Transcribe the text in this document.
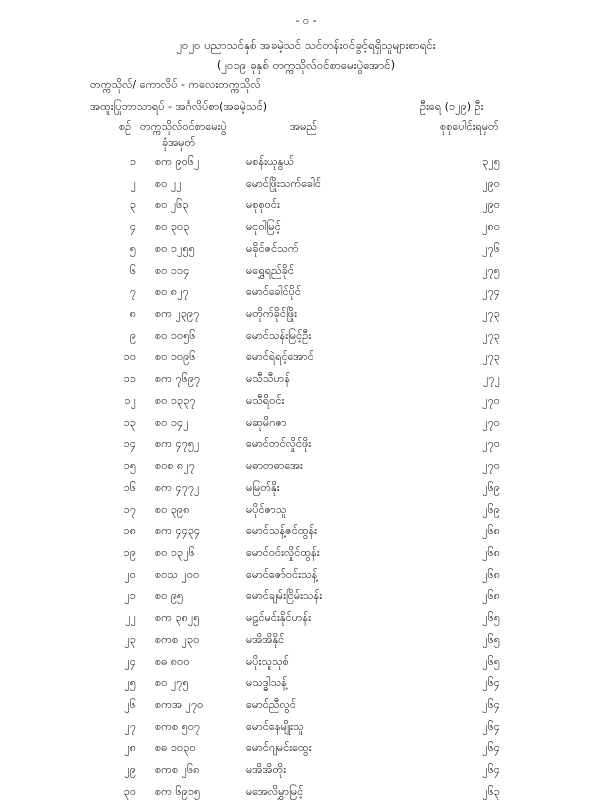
- ၀ -
၂၀၂၀ ပညာသင်နှစ် အခမဲ့သင် သင်တန်းဝင်ခွင့်ရရှိသူများစာရင်း
(၂၀၁၉ ခုနှစ် တက္ကသိုလ်ဝင်စာမေးပွဲအောင်)
တက္ကသိုလ်/ ကောလိပ် - ကလေးတက္ကသိုလ်
အထူးပြုဘာသာရပ် - အင်္ဂလိပ်စာ(အခမဲ့သင်)	ဦးရေ (၁၂၉) ဦး
စဉ် တက္ကသိုလ်ဝင်စာမေးပွဲ
ခုံအမှတ်
အမည်	စုစုပေါင်းရမှတ်
၁ စက ၉၀၆၂	မစန်းယုနွယ်	၃၂၅
၂ စဝ ၂၂	မောင်ဖြိုးသက်ခေါင်	၂၉၀
၃ စဝ ၂၆၃	မစုစုဝင်း	၂၉၀
၄ စဝ ၃၀၃	မငုဝါမြင့်	၂၈၀
၅ စဝ ၁၂၅၅	မခိုင်ဇင်သက်	၂၇၆
၆ စဝ ၁၁၄	မရွှေရည်ခိုင်	၂၇၅
၇ စဝ ၈၂၇	မောင်ခေါင်ပိုင်	၂၇၄
၈ စက ၂၃၉၇	မတိုက်ခိုင်ဖြိုး	၂၇၃
၉ စဝ ၁၀၅၆	မောင်သန်းမြင့်ဦး	၂၇၃
၁၀ စဝ ၁၀၉၆	မောင်ရဲရင့်အောင်	၂၇၃
၁၁ စက ၇၆၉၇	မသီသီဟန်	၂၇၂
၁၂ စဝ ၁၃၃၇	မသီရိဝင်း	၂၇၀
၁၃ စဝ ၁၄၂	မဆုမိဂဇာ	၂၇၀
၁၄ စက ၄၇၅၂	မောင်တင်လှိုင်ဖိုး	၂၇၀
၁၅ စဝစ ၈၂၇	မဓာတဓာအေး	၂၇၀
၁၆ စက ၄၇၇၂	မမြတ်နိုး	၂၆၉
၁၇ စဝ ၃၉၈	မပိုင်ဇာသူ	၂၆၉
၁၈ စက ၄၄၃၄	မောင်သန့်ဇင်ထွန်း	၂၆၈
၁၉ စဝ ၁၃၂၆	မောင်ဝင်းလှိုင်ထွန်း	၂၆၈
၂၀ စဝသ ၂၀၀	မောင်ဇော်ဝင်းသန့်	၂၆၈
၂၁ စဝ ၉၅	မောင်ချမ်းငြိမ်းသန်း	၂၆၈
၂၂ စက ၃၈၂၅	မဠင်မင်းနိုင်ဟန်း	၂၆၅
၂၃ စကစ ၂၃၀	မအိအိနိုင်	၂၆၅
၂၄ စဓ ၈၀၀	မပိုးသူသုစ်	၂၆၅
၂၅ စဝ ၂၇၅	မသဒ္ဓါသန့်	၂၆၄
၂၆ စကအ ၂၇၀	မောင်ညီလွင်	၂၆၄
၂၇ စကစ ၅၀၇	မောင်နေမျိုးသူ	၂၆၄
၂၈ စဓ ၁၀၃၀	မောင်ဂျမင်းထွေး	၂၆၄
၂၉ စကစ ၂၆၈	မအိအိတိုး	၂၆၄
၃၀ စက ၆၉၁၅	မအေလိမွှာမြင့်	၂၆၃
